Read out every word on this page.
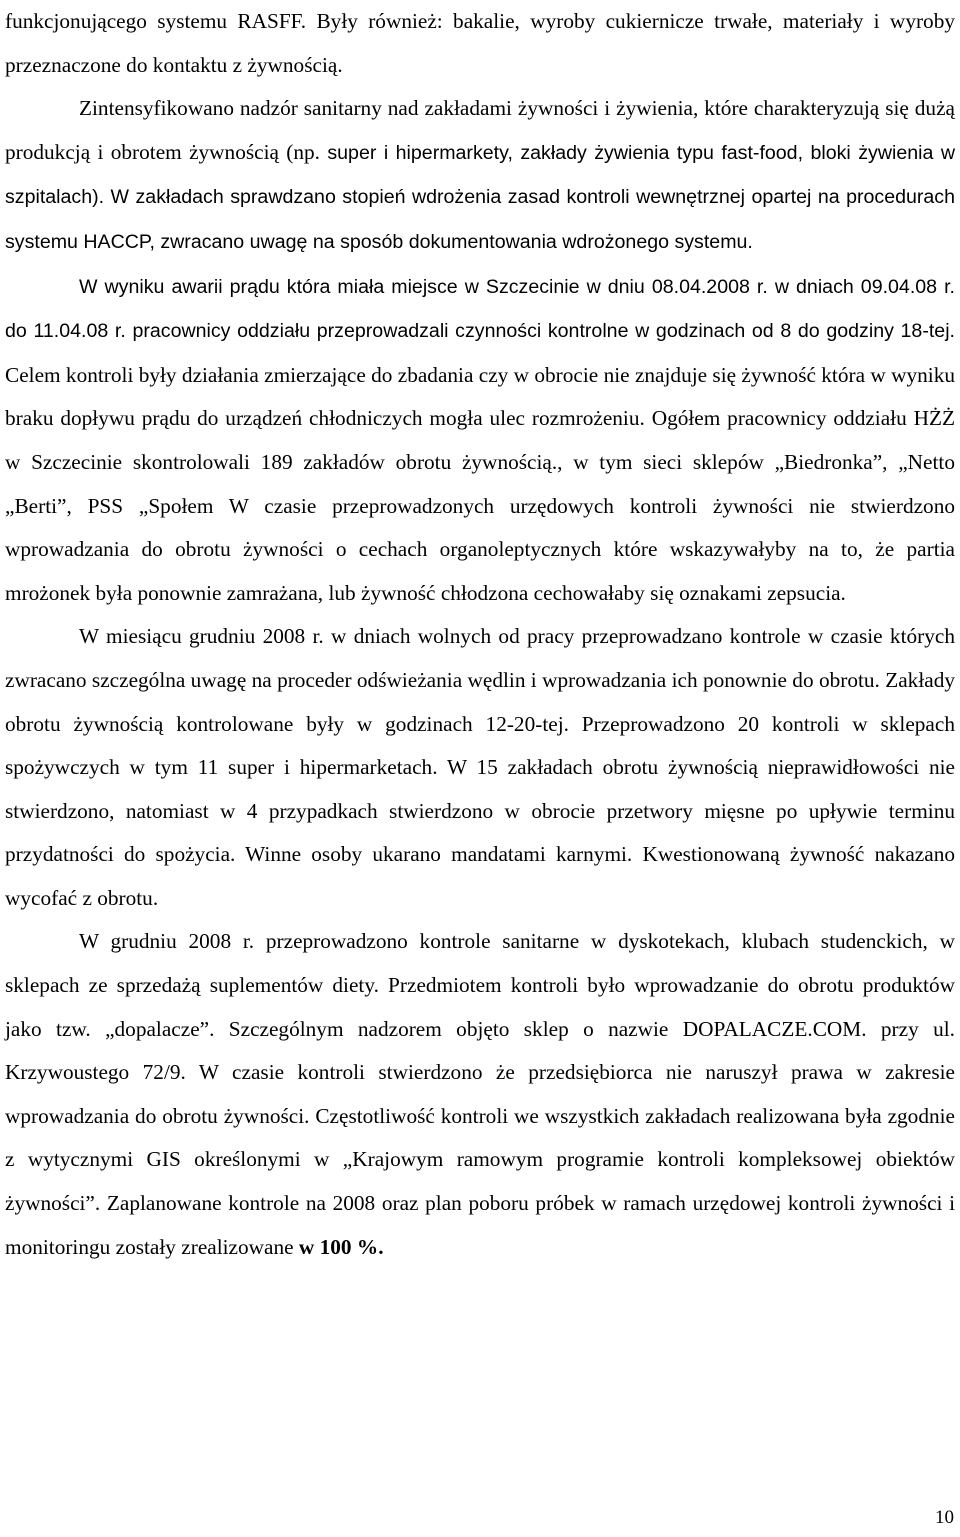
funkcjonującego systemu RASFF. Były również: bakalie, wyroby cukiernicze trwałe, materiały i wyroby przeznaczone do kontaktu z żywnością.

Zintensyfikowano nadzór sanitarny nad zakładami żywności i żywienia, które charakteryzują się dużą produkcją i obrotem żywnością (np. super i hipermarkety, zakłady żywienia typu fast-food, bloki żywienia w szpitalach). W zakładach sprawdzano stopień wdrożenia zasad kontroli wewnętrznej opartej na procedurach systemu HACCP, zwracano uwagę na sposób dokumentowania wdrożonego systemu.

W wyniku awarii prądu która miała miejsce w Szczecinie w dniu 08.04.2008 r. w dniach 09.04.08 r. do 11.04.08 r. pracownicy oddziału przeprowadzali czynności kontrolne w godzinach od 8 do godziny 18-tej. Celem kontroli były działania zmierzające do zbadania czy w obrocie nie znajduje się żywność która w wyniku braku dopływu prądu do urządzeń chłodniczych mogła ulec rozmrożeniu. Ogółem pracownicy oddziału HŻŻ w Szczecinie skontrolowali 189 zakładów obrotu żywnością., w tym sieci sklepów „Biedronka”, „Netto „Berti”, PSS „Społem W czasie przeprowadzonych urzędowych kontroli żywności nie stwierdzono wprowadzania do obrotu żywności o cechach organoleptycznych które wskazywałyby na to, że partia mrożonek była ponownie zamrażana, lub żywność chłodzona cechowałaby się oznakami zepsucia.

W miesiącu grudniu 2008 r. w dniach wolnych od pracy przeprowadzano kontrole w czasie których zwracano szczególna uwagę na proceder odświeżania wędlin i wprowadzania ich ponownie do obrotu. Zakłady obrotu żywnością kontrolowane były w godzinach 12-20-tej. Przeprowadzono 20 kontroli w sklepach spożywczych w tym 11 super i hipermarketach. W 15 zakładach obrotu żywnością nieprawidłowości nie stwierdzono, natomiast w 4 przypadkach stwierdzono w obrocie przetwory mięsne po upływie terminu przydatności do spożycia. Winne osoby ukarano mandatami karnymi. Kwestionowaną żywność nakazano wycofać z obrotu.

W grudniu 2008 r. przeprowadzono kontrole sanitarne w dyskotekach, klubach studenckich, w sklepach ze sprzedażą suplementów diety. Przedmiotem kontroli było wprowadzanie do obrotu produktów jako tzw. „dopalacze”. Szczególnym nadzorem objęto sklep o nazwie DOPALACZE.COM. przy ul. Krzywoustego 72/9. W czasie kontroli stwierdzono że przedsiębiorca nie naruszył prawa w zakresie wprowadzania do obrotu żywności. Częstotliwość kontroli we wszystkich zakładach realizowana była zgodnie z wytycznymi GIS określonymi w „Krajowym ramowym programie kontroli kompleksowej obiektów żywności”. Zaplanowane kontrole na 2008 oraz plan poboru próbek w ramach urzędowej kontroli żywności i monitoringu zostały zrealizowane w 100 %.

10
